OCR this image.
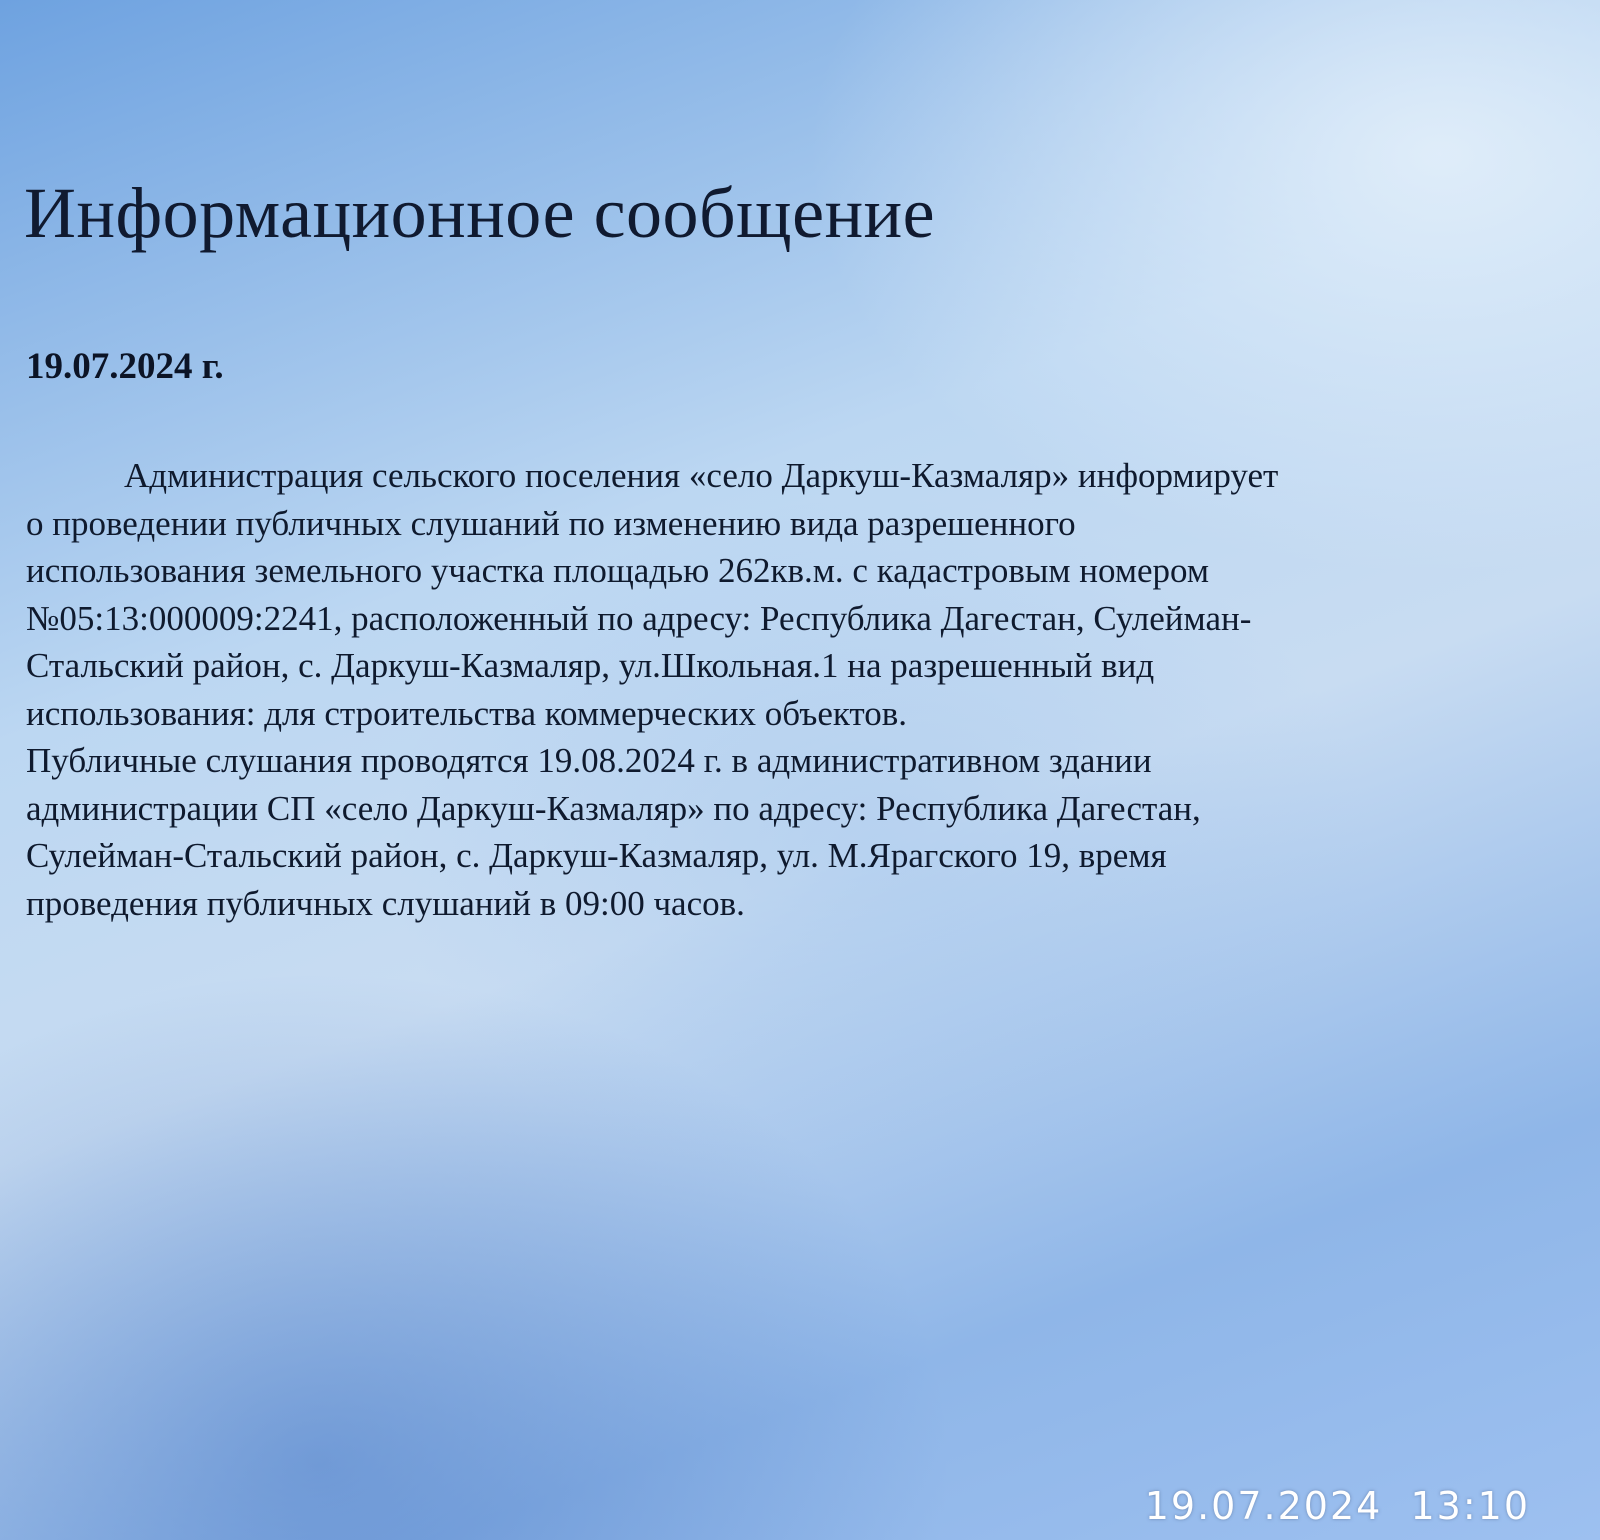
Информационное сообщение

19.07.2024 г.

Администрация сельского поселения «село Даркуш-Казмаляр» информирует
о проведении публичных слушаний по изменению вида разрешенного
использования земельного участка площадью 262кв.м. с кадастровым номером
№05:13:000009:2241, расположенный по адресу: Республика Дагестан, Сулейман-
Стальский район, с. Даркуш-Казмаляр, ул.Школьная.1 на разрешенный вид
использования: для строительства коммерческих объектов.
Публичные слушания проводятся 19.08.2024 г. в административном здании
администрации СП «село Даркуш-Казмаляр» по адресу: Республика Дагестан,
Сулейман-Стальский район, с. Даркуш-Казмаляр, ул. М.Ярагского 19, время
проведения публичных слушаний в 09:00 часов.
19.07.2024  13:10
